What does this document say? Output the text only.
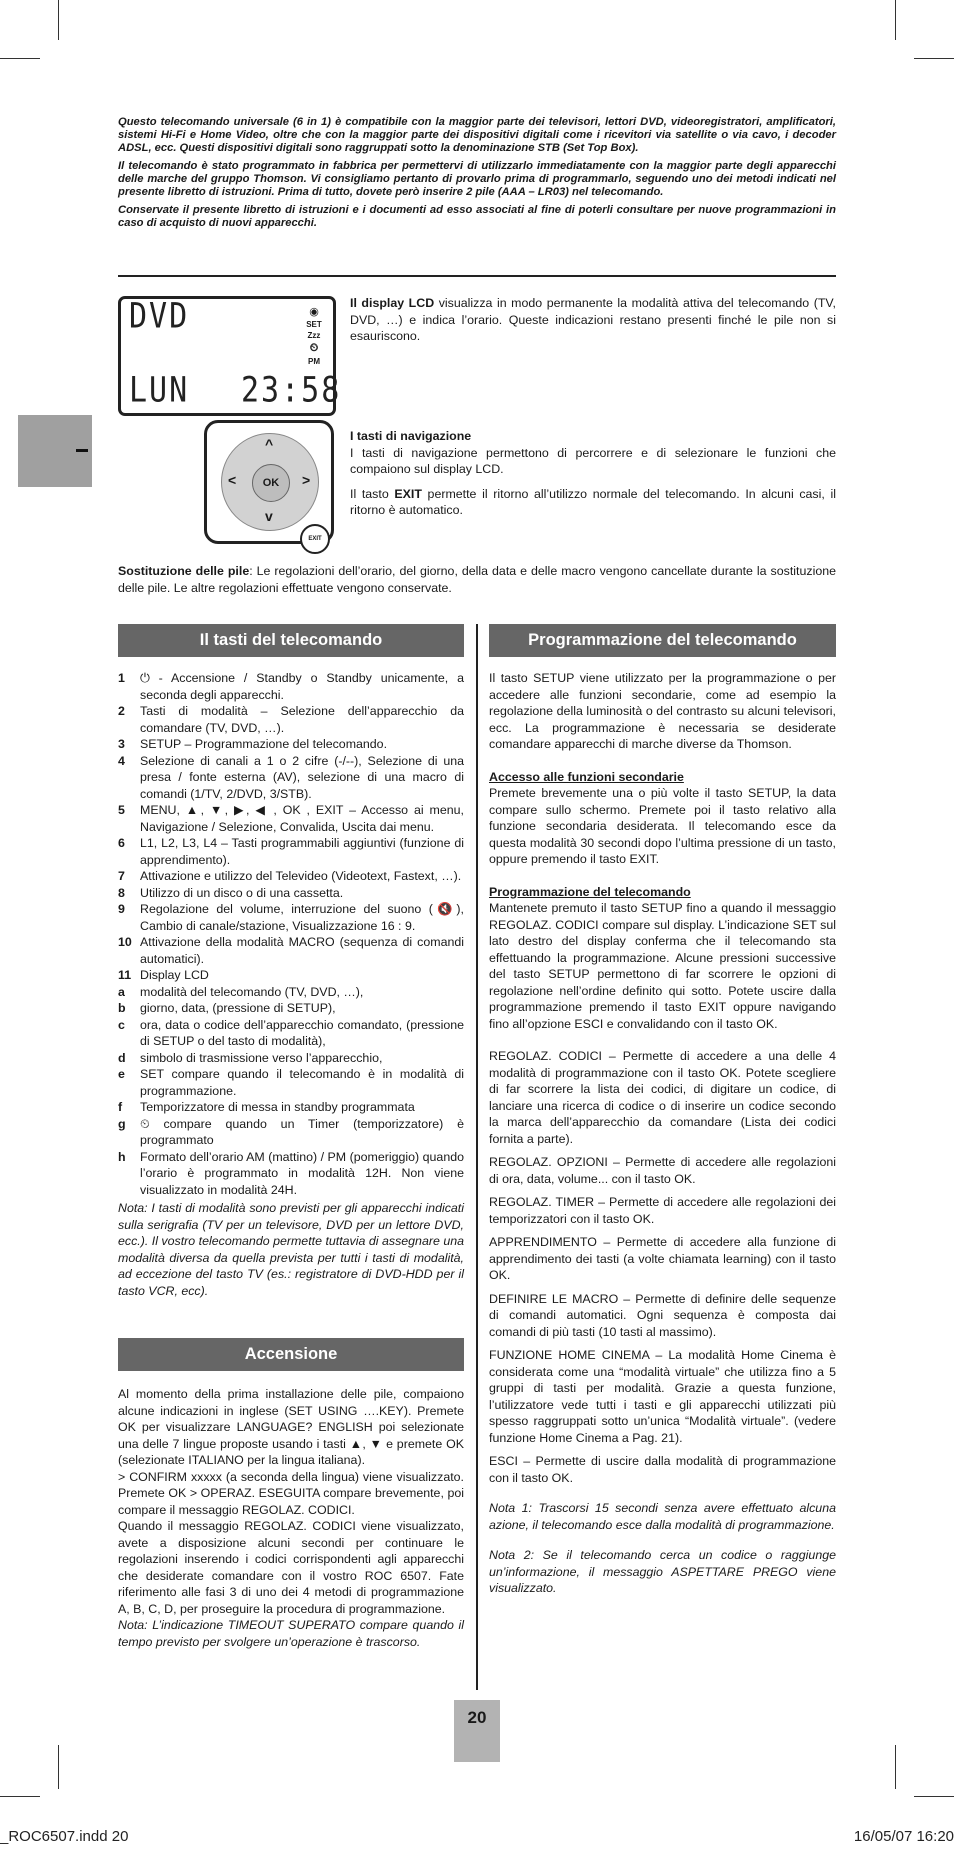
Questo telecomando universale (6 in 1) è compatibile con la maggior parte dei televisori, lettori DVD, videoregistratori, amplificatori, sistemi Hi-Fi e Home Video, oltre che con la maggior parte dei dispositivi digitali come i ricevitori via satellite o via cavo, i decoder ADSL, ecc. Questi dispositivi digitali sono raggruppati sotto la denominazione STB (Set Top Box).

Il telecomando è stato programmato in fabbrica per permettervi di utilizzarlo immediatamente con la maggior parte degli apparecchi delle marche del gruppo Thomson. Vi consigliamo pertanto di provarlo prima di programmarlo, seguendo uno dei metodi indicati nel presente libretto di istruzioni. Prima di tutto, dovete però inserire 2 pile (AAA – LR03) nel telecomando.

Conservate il presente libretto di istruzioni e i documenti ad esso associati al fine di poterli consultare per nuove programmazioni in caso di acquisto di nuovi apparecchi.

DVD
LUN 23:58
◉
SET
Zzz
⏲
PM
^
v
<	>
OK
EXIT

Il display LCD visualizza in modo permanente la modalità attiva del telecomando (TV, DVD, …) e indica l’orario. Queste indicazioni restano presenti finché le pile non si esauriscono.

I tasti di navigazione
I tasti di navigazione permettono di percorrere e di selezionare le funzioni che compaiono sul display LCD.

Il tasto EXIT permette il ritorno all’utilizzo normale del telecomando. In alcuni casi, il ritorno è automatico.

Sostituzione delle pile: Le regolazioni dell’orario, del giorno, della data e delle macro vengono cancellate durante la sostituzione delle pile. Le altre regolazioni effettuate vengono conservate.

Il tasti del telecomando
1	⏻ - Accensione / Standby o Standby unicamente, a seconda degli apparecchi.
2	Tasti di modalità – Selezione dell’apparecchio da comandare (TV, DVD, …).
3	SETUP – Programmazione del telecomando.
4	Selezione di canali a 1 o 2 cifre (-/--), Selezione di una presa / fonte esterna (AV), selezione di una macro di comandi (1/TV, 2/DVD, 3/STB).
5	MENU, ▲, ▼, ▶, ◀ , OK , EXIT – Accesso ai menu, Navigazione / Selezione, Convalida, Uscita dai menu.
6	L1, L2, L3, L4 – Tasti programmabili aggiuntivi (funzione di apprendimento).
7	Attivazione e utilizzo del Televideo (Videotext, Fastext, …).
8	Utilizzo di un disco o di una cassetta.
9	Regolazione del volume, interruzione del suono (🔇), Cambio di canale/stazione, Visualizzazione 16 : 9.
10 Attivazione della modalità MACRO (sequenza di comandi automatici).
11 Display LCD
a	modalità del telecomando (TV, DVD, …),
b	giorno, data, (pressione di SETUP),
c	ora, data o codice dell’apparecchio comandato, (pressione di SETUP o del tasto di modalità),
d	simbolo di trasmissione verso l’apparecchio,
e	SET compare quando il telecomando è in modalità di programmazione.
f	Temporizzatore di messa in standby programmata
g	⏲ compare quando un Timer (temporizzatore) è programmato
h	Formato dell’orario AM (mattino) / PM (pomeriggio) quando l’orario è programmato in modalità 12H. Non viene visualizzato in modalità 24H.

Nota: I tasti di modalità sono previsti per gli apparecchi indicati sulla serigrafia (TV per un televisore, DVD per un lettore DVD, ecc.). Il vostro telecomando permette tuttavia di assegnare una modalità diversa da quella prevista per tutti i tasti di modalità, ad eccezione del tasto TV (es.: registratore di DVD-HDD per il tasto VCR, ecc).

Accensione

Al momento della prima installazione delle pile, compaiono alcune indicazioni in inglese (SET USING ….KEY). Premete OK per visualizzare LANGUAGE? ENGLISH poi selezionate una delle 7 lingue proposte usando i tasti ▲, ▼ e premete OK (selezionate ITALIANO per la lingua italiana).

> CONFIRM xxxxx (a seconda della lingua) viene visualizzato. Premete OK > OPERAZ. ESEGUITA compare brevemente, poi compare il messaggio REGOLAZ. CODICI.

Quando il messaggio REGOLAZ. CODICI viene visualizzato, avete a disposizione alcuni secondi per continuare le regolazioni inserendo i codici corrispondenti agli apparecchi che desiderate comandare con il vostro ROC 6507. Fate riferimento alle fasi 3 di uno dei 4 metodi di programmazione A, B, C, D, per proseguire la procedura di programmazione.

Nota: L’indicazione TIMEOUT SUPERATO compare quando il tempo previsto per svolgere un’operazione è trascorso.

Programmazione del telecomando

Il tasto SETUP viene utilizzato per la programmazione o per accedere alle funzioni secondarie, come ad esempio la regolazione della luminosità o del contrasto su alcuni televisori, ecc. La programmazione è necessaria se desiderate comandare apparecchi di marche diverse da Thomson.

Accesso alle funzioni secondarie

Premete brevemente una o più volte il tasto SETUP, la data compare sullo schermo. Premete poi il tasto relativo alla funzione secondaria desiderata. Il telecomando esce da questa modalità 30 secondi dopo l’ultima pressione di un tasto, oppure premendo il tasto EXIT.

Programmazione del telecomando

Mantenete premuto il tasto SETUP fino a quando il messaggio REGOLAZ. CODICI compare sul display. L’indicazione SET sul lato destro del display conferma che il telecomando sta effettuando la programmazione. Alcune pressioni successive del tasto SETUP permettono di far scorrere le opzioni di regolazione nell’ordine definito qui sotto. Potete uscire dalla programmazione premendo il tasto EXIT oppure navigando fino all’opzione ESCI e convalidando con il tasto OK.

REGOLAZ. CODICI – Permette di accedere a una delle 4 modalità di programmazione con il tasto OK. Potete scegliere di far scorrere la lista dei codici, di digitare un codice, di lanciare una ricerca di codice o di inserire un codice secondo la marca dell’apparecchio da comandare (Lista dei codici fornita a parte).

REGOLAZ. OPZIONI – Permette di accedere alle regolazioni di ora, data, volume... con il tasto OK.

REGOLAZ. TIMER – Permette di accedere alle regolazioni dei temporizzatori con il tasto OK.

APPRENDIMENTO – Permette di accedere alla funzione di apprendimento dei tasti (a volte chiamata learning) con il tasto OK.

DEFINIRE LE MACRO – Permette di definire delle sequenze di comandi automatici. Ogni sequenza è composta dai comandi di più tasti (10 tasti al massimo).

FUNZIONE HOME CINEMA – La modalità Home Cinema è considerata come una “modalità virtuale” che utilizza fino a 5 gruppi di tasti per modalità. Grazie a questa funzione, l’utilizzatore vede tutti i tasti e gli apparecchi utilizzati più spesso raggruppati sotto un’unica “Modalità virtuale”. (vedere funzione Home Cinema a Pag. 21).

ESCI – Permette di uscire dalla modalità di programmazione con il tasto OK.

Nota 1: Trascorsi 15 secondi senza avere effettuato alcuna azione, il telecomando esce dalla modalità di programmazione.

Nota 2: Se il telecomando cerca un codice o raggiunge un’informazione, il messaggio ASPETTARE PREGO viene visualizzato.

20
_ROC6507.indd 20	16/05/07 16:20
